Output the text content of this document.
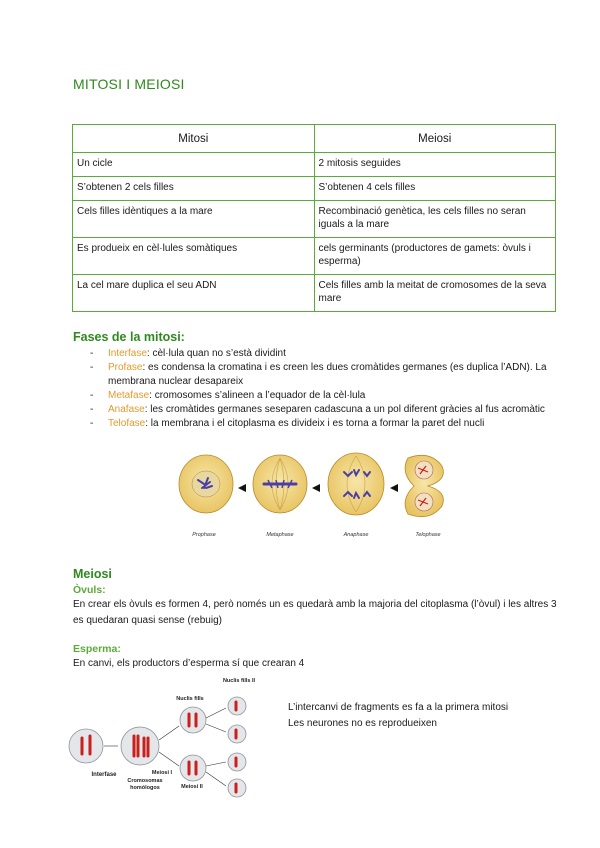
MITOSI I MEIOSI
Mitosi	Meiosi
Un cicle	2 mitosis seguides
S’obtenen 2 cels filles	S’obtenen 4 cels filles
Cels filles idèntiques a la mare	Recombinació genètica, les cels filles no seran iguals a la mare
Es produeix en cèl·lules somàtiques	cels germinants (productores de gamets: òvuls i esperma)
La cel mare duplica el seu ADN	Cels filles amb la meitat de cromosomes de la seva mare
Fases de la mitosi:
- Interfase: cèl·lula quan no s’està dividint
- Profase: es condensa la cromatina i es creen les dues cromàtides germanes (es duplica l’ADN). La membrana nuclear desapareix
- Metafase: cromosomes s’alineen a l’equador de la cèl·lula
- Anafase: les cromàtides germanes seseparen cadascuna a un pol diferent gràcies al fus acromàtic
- Telofase: la membrana i el citoplasma es divideix i es torna a formar la paret del nucli
Prophase	Metaphase	Anaphase	Telophase
Meiosi

Òvuls:

En crear els òvuls es formen 4, però només un es quedarà amb la majoria del citoplasma (l’òvul) i les altres 3 es quedaran quasi sense (rebuig)

Esperma:

En canvi, els productors d’esperma sí que crearan 4

Interfase	Meiosi I
Meiosi II
Cromosomas homólogos
Nuclis fills
Nuclis fills II
L’intercanvi de fragments es fa a la primera mitosi
Les neurones no es reprodueixen
